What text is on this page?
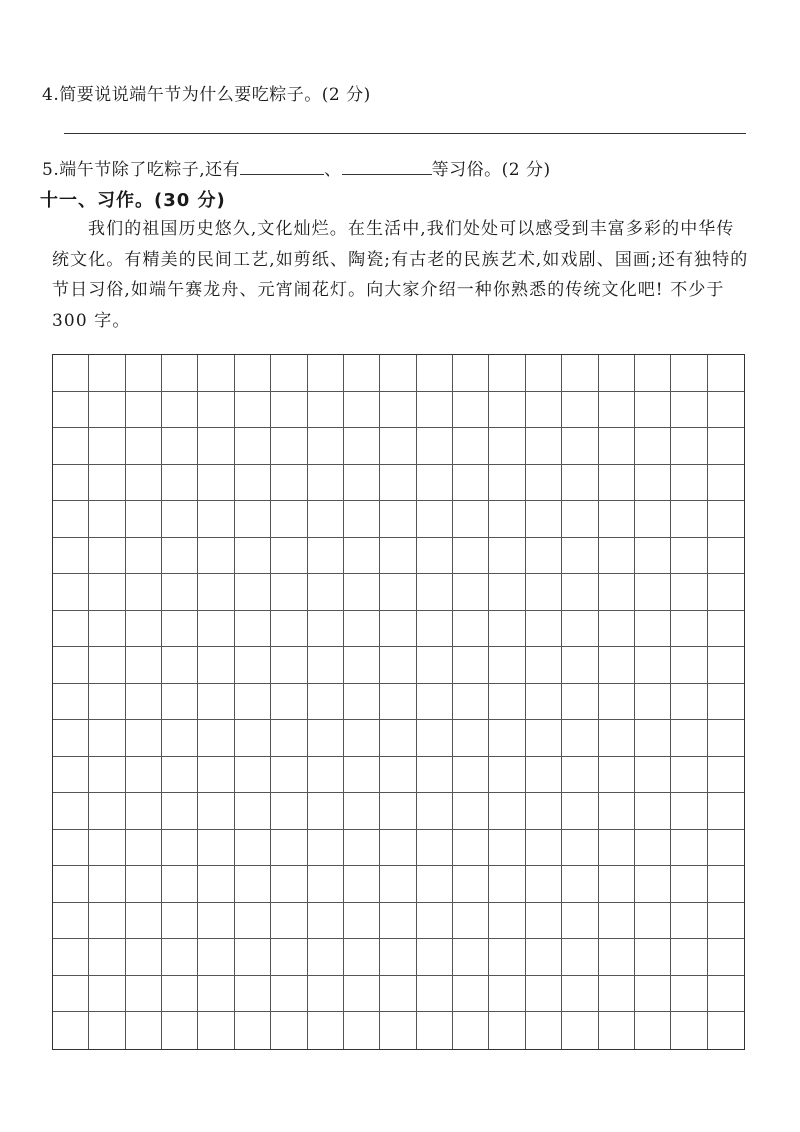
4.简要说说端午节为什么要吃粽子。(2 分)
5.端午节除了吃粽子,还有	、	等习俗。(2 分)
十一、习作。(30 分)

我们的祖国历史悠久,文化灿烂。在生活中,我们处处可以感受到丰富多彩的中华传统文化。有精美的民间工艺,如剪纸、陶瓷;有古老的民族艺术,如戏剧、国画;还有独特的节日习俗,如端午赛龙舟、元宵闹花灯。向大家介绍一种你熟悉的传统文化吧! 不少于 300 字。
